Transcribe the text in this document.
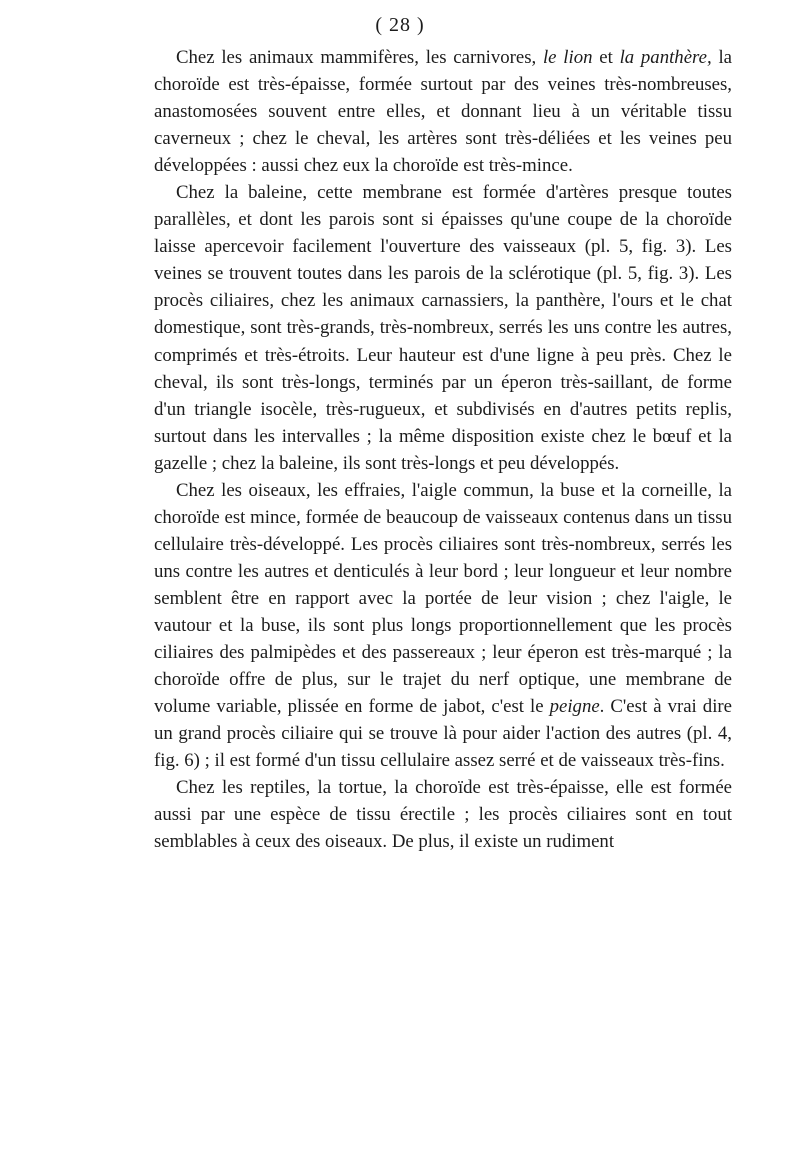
( 28 )

Chez les animaux mammifères, les carnivores, le lion et la panthère, la choroïde est très-épaisse, formée surtout par des veines très-nombreuses, anastomosées souvent entre elles, et donnant lieu à un véritable tissu caverneux ; chez le cheval, les artères sont très-déliées et les veines peu développées : aussi chez eux la choroïde est très-mince.

Chez la baleine, cette membrane est formée d'artères presque toutes parallèles, et dont les parois sont si épaisses qu'une coupe de la choroïde laisse apercevoir facilement l'ouverture des vaisseaux (pl. 5, fig. 3). Les veines se trouvent toutes dans les parois de la sclérotique (pl. 5, fig. 3). Les procès ciliaires, chez les animaux carnassiers, la panthère, l'ours et le chat domestique, sont très-grands, très-nombreux, serrés les uns contre les autres, comprimés et très-étroits. Leur hauteur est d'une ligne à peu près. Chez le cheval, ils sont très-longs, terminés par un éperon très-saillant, de forme d'un triangle isocèle, très-rugueux, et subdivisés en d'autres petits replis, surtout dans les intervalles ; la même disposition existe chez le bœuf et la gazelle ; chez la baleine, ils sont très-longs et peu développés.

Chez les oiseaux, les effraies, l'aigle commun, la buse et la corneille, la choroïde est mince, formée de beaucoup de vaisseaux contenus dans un tissu cellulaire très-développé. Les procès ciliaires sont très-nombreux, serrés les uns contre les autres et denticulés à leur bord ; leur longueur et leur nombre semblent être en rapport avec la portée de leur vision ; chez l'aigle, le vautour et la buse, ils sont plus longs proportionnellement que les procès ciliaires des palmipèdes et des passereaux ; leur éperon est très-marqué ; la choroïde offre de plus, sur le trajet du nerf optique, une membrane de volume variable, plissée en forme de jabot, c'est le peigne. C'est à vrai dire un grand procès ciliaire qui se trouve là pour aider l'action des autres (pl. 4, fig. 6) ; il est formé d'un tissu cellulaire assez serré et de vaisseaux très-fins.

Chez les reptiles, la tortue, la choroïde est très-épaisse, elle est formée aussi par une espèce de tissu érectile ; les procès ciliaires sont en tout semblables à ceux des oiseaux. De plus, il existe un rudiment
